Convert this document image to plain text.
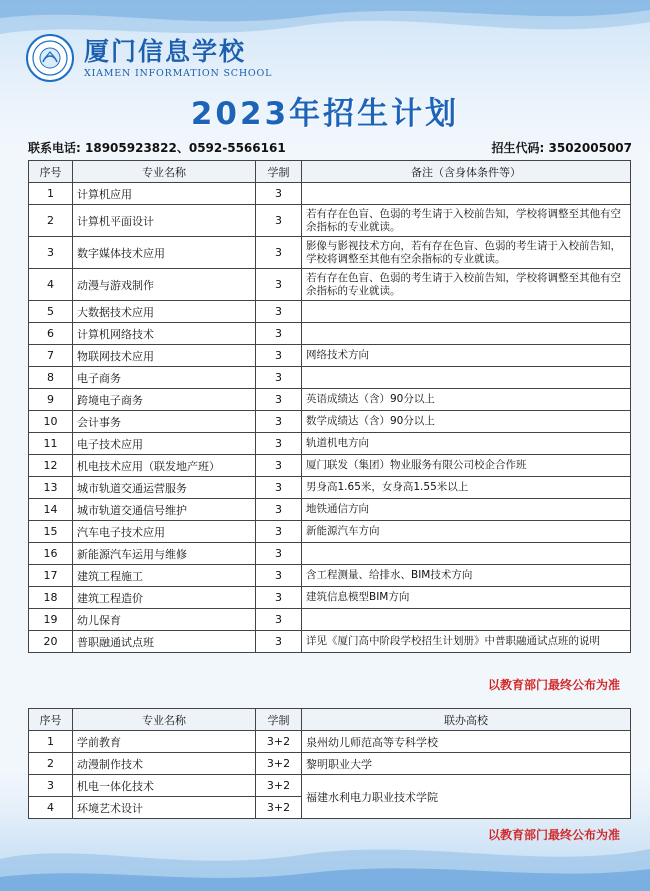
厦门信息学校
XIAMEN INFORMATION SCHOOL
2023年招生计划
联系电话: 18905923822、0592-5566161	招生代码: 3502005007
序号	专业名称	学制	备注（含身体条件等）
1	计算机应用	3	
2	计算机平面设计	3	若有存在色盲、色弱的考生请于入校前告知，学校将调整至其他有空余指标的专业就读。
3	数字媒体技术应用	3	影像与影视技术方向，若有存在色盲、色弱的考生请于入校前告知，学校将调整至其他有空余指标的专业就读。
4	动漫与游戏制作	3	若有存在色盲、色弱的考生请于入校前告知，学校将调整至其他有空余指标的专业就读。
5	大数据技术应用	3	
6	计算机网络技术	3	
7	物联网技术应用	3	网络技术方向
8	电子商务	3	
9	跨境电子商务	3	英语成绩达（含）90分以上
10	会计事务	3	数学成绩达（含）90分以上
11	电子技术应用	3	轨道机电方向
12	机电技术应用（联发地产班）	3	厦门联发（集团）物业服务有限公司校企合作班
13	城市轨道交通运营服务	3	男身高1.65米，女身高1.55米以上
14	城市轨道交通信号维护	3	地铁通信方向
15	汽车电子技术应用	3	新能源汽车方向
16	新能源汽车运用与维修	3	
17	建筑工程施工	3	含工程测量、给排水、BIM技术方向
18	建筑工程造价	3	建筑信息模型BIM方向
19	幼儿保育	3	
20	普职融通试点班	3	详见《厦门高中阶段学校招生计划册》中普职融通试点班的说明
以教育部门最终公布为准
序号	专业名称	学制	联办高校
1	学前教育	3+2	泉州幼儿师范高等专科学校
2	动漫制作技术	3+2	黎明职业大学
3	机电一体化技术	3+2	福建水利电力职业技术学院
4	环境艺术设计	3+2	
以教育部门最终公布为准
